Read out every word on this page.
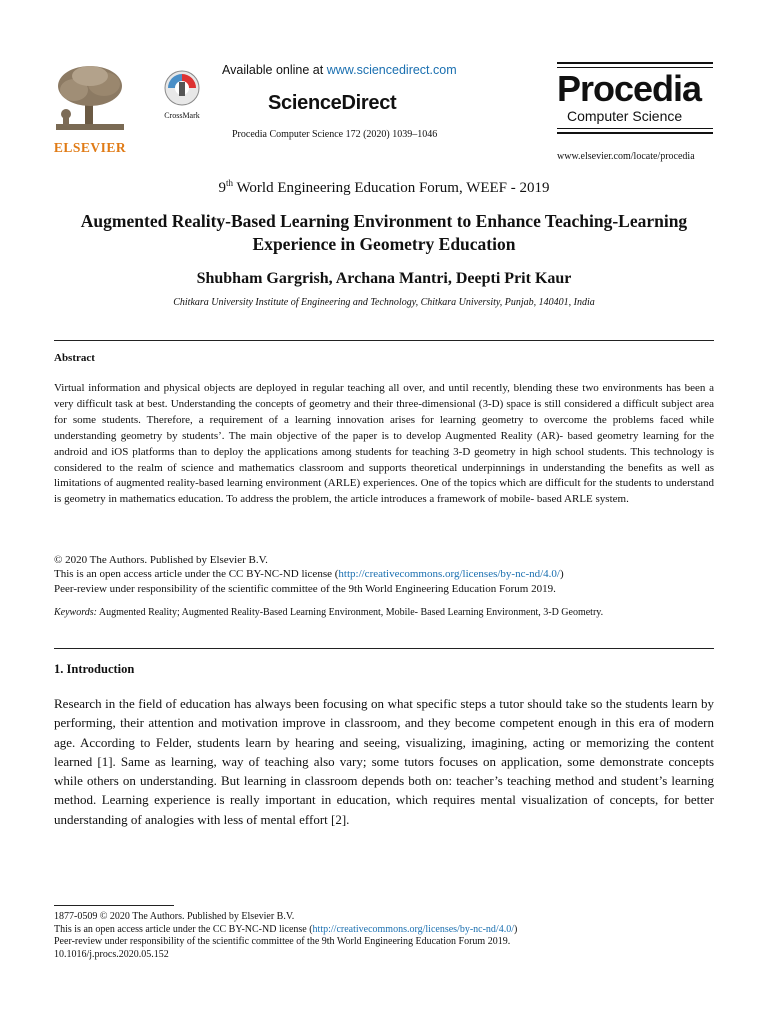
ELSEVIER
CrossMark
Available online at www.sciencedirect.com
ScienceDirect
Procedia Computer Science 172 (2020) 1039–1046
Procedia
Computer Science
www.elsevier.com/locate/procedia
9th World Engineering Education Forum, WEEF - 2019
Augmented Reality-Based Learning Environment to Enhance Teaching-Learning
Experience in Geometry Education
Shubham Gargrish, Archana Mantri, Deepti Prit Kaur
Chitkara University Institute of Engineering and Technology, Chitkara University, Punjab, 140401, India
Abstract
Virtual information and physical objects are deployed in regular teaching all over, and until recently, blending these two environments has been a very difficult task at best. Understanding the concepts of geometry and their three-dimensional (3-D) space is still considered a difficult subject area for some students. Therefore, a requirement of a learning innovation arises for learning geometry to overcome the problems faced while understanding geometry by students’. The main objective of the paper is to develop Augmented Reality (AR)- based geometry learning for the android and iOS platforms than to deploy the applications among students for teaching 3-D geometry in high school students. This technology is considered to the realm of science and mathematics classroom and supports theoretical underpinnings in understanding the benefits as well as limitations of augmented reality-based learning environment (ARLE) experiences. One of the topics which are difficult for the students to understand is geometry in mathematics education. To address the problem, the article introduces a framework of mobile- based ARLE system.
© 2020 The Authors. Published by Elsevier B.V.
This is an open access article under the CC BY-NC-ND license (http://creativecommons.org/licenses/by-nc-nd/4.0/)
Peer-review under responsibility of the scientific committee of the 9th World Engineering Education Forum 2019.
Keywords: Augmented Reality; Augmented Reality-Based Learning Environment, Mobile- Based Learning Environment, 3-D Geometry.
1. Introduction
Research in the field of education has always been focusing on what specific steps a tutor should take so the students learn by performing, their attention and motivation improve in classroom, and they become competent enough in this era of modern age. According to Felder, students learn by hearing and seeing, visualizing, imagining, acting or memorizing the content learned [1]. Same as learning, way of teaching also vary; some tutors focuses on application, some demonstrate concepts while others on understanding. But learning in classroom depends both on: teacher’s teaching method and student’s learning method. Learning experience is really important in education, which requires mental visualization of concepts, for better understanding of analogies with less of mental effort [2].
1877-0509 © 2020 The Authors. Published by Elsevier B.V.
This is an open access article under the CC BY-NC-ND license (http://creativecommons.org/licenses/by-nc-nd/4.0/)
Peer-review under responsibility of the scientific committee of the 9th World Engineering Education Forum 2019.
10.1016/j.procs.2020.05.152
